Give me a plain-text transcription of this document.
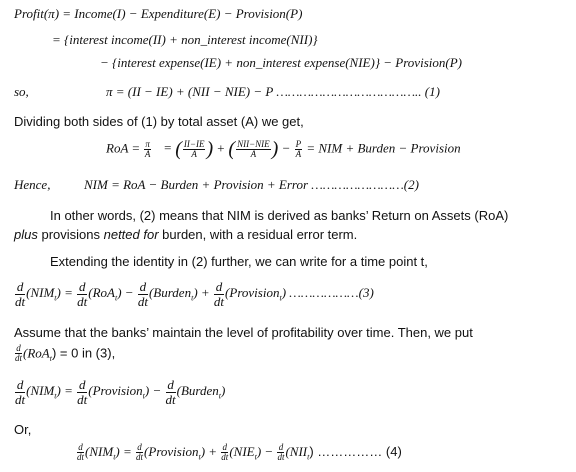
Profit(π) = Income(I) − Expenditure(E) − Provision(P)
= {interest income(II) + non_interest income(NII)}
− {interest expense(IE) + non_interest expense(NIE)} − Provision(P)
so,	π = (II − IE) + (NII − NIE) − P ……………………………….. (1)
Dividing both sides of (1) by total asset (A) we get,
RoA = $\frac{\pi}{A}$ = ( $\frac{II-IE}{A}$ ) + ( $\frac{\text{NII−NIE}}{A}$ ) − $\frac{P}{A}$ = NIM + Burden − Provision
Hence,	NIM = RoA − Burden + Provision + Error ……………………(2)
In other words, (2) means that NIM is derived as banks’ Return on Assets (RoA)
plus provisions netted for burden, with a residual error term.
Extending the identity in (2) further, we can write for a time point t,
$\frac{d}{dt} (NIM_t) = \frac{d}{dt} (RoA_t) - \frac{d}{dt}$ (Burden$_t$) + $\frac{d}{dt}$ (Provision$_t$) ………………(3)
Assume that the banks’ maintain the level of profitability over time. Then, we put
$\frac{d}{dt} (RoA_t) = 0$ in (3),
$\frac{d}{dt} (NIM_t) = \frac{d}{dt}$ (Provision$_t$) − $\frac{d}{dt}$ (Burden$_t$)
Or,
$\frac{d}{dt} (NIM_t) = \frac{d}{dt}$ (Provision$_t$) + $\frac{d}{dt} (NIE_t) - \frac{d}{dt} (NII_t)$ …………… (4)
